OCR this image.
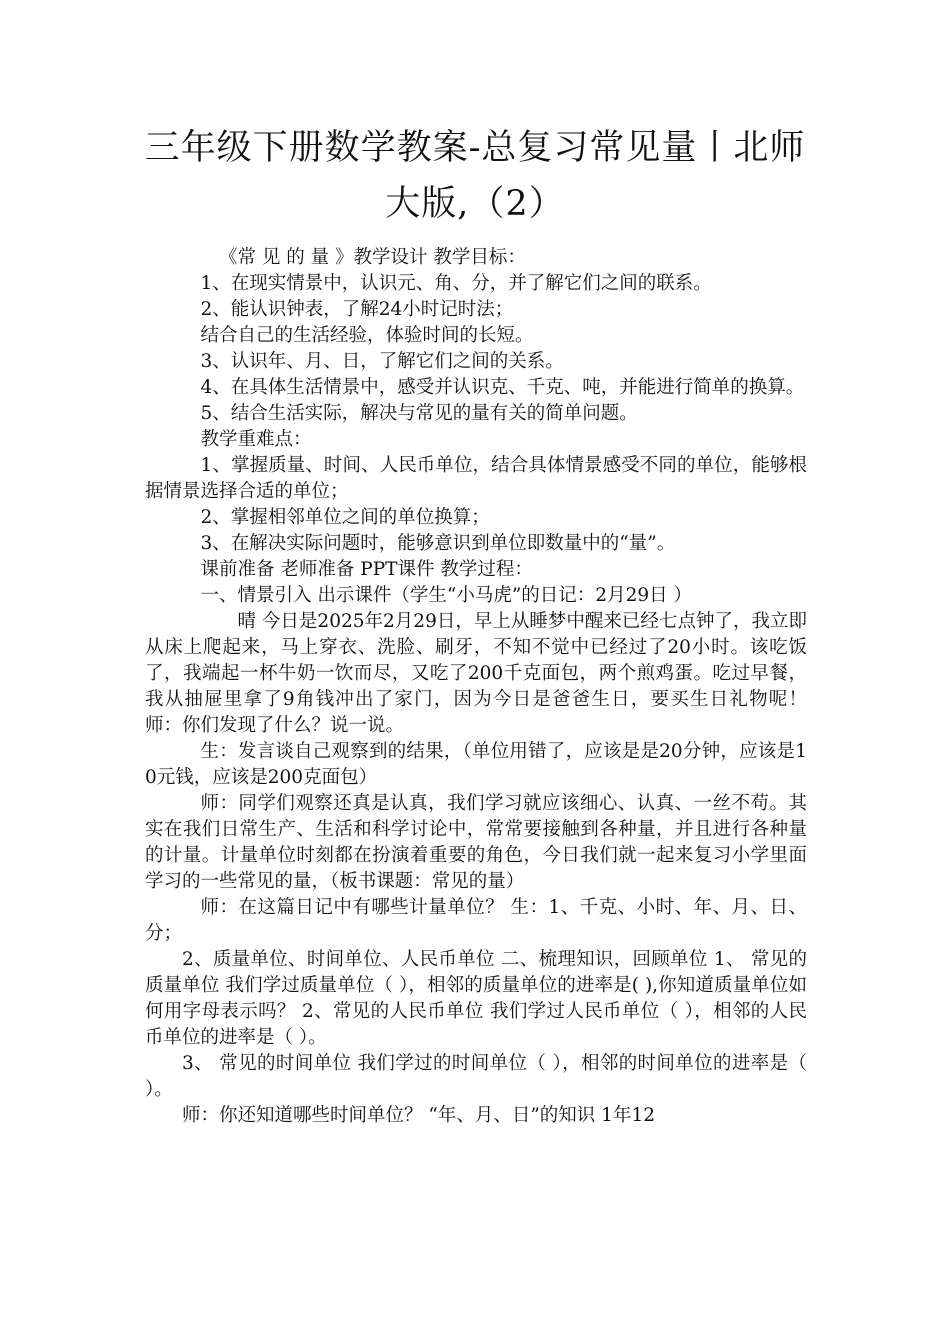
三年级下册数学教案-总复习常见量丨北师大版,（2）

《常 见 的 量 》教学设计 教学目标：

1、在现实情景中，认识元、角、分，并了解它们之间的联系。

2、能认识钟表，了解24小时记时法；

结合自己的生活经验，体验时间的长短。

3、认识年、月、日，了解它们之间的关系。

4、在具体生活情景中，感受并认识克、千克、吨，并能进行简单的换算。

5、结合生活实际，解决与常见的量有关的简单问题。

教学重难点：

1、掌握质量、时间、人民币单位，结合具体情景感受不同的单位，能够根据情景选择合适的单位；

2、掌握相邻单位之间的单位换算；

3、在解决实际问题时，能够意识到单位即数量中的“量”。

课前准备 老师准备 PPT课件 教学过程：

一、情景引入 出示课件（学生“小马虎”的日记：2月29日 ）

晴 今日是2025年2月29日，早上从睡梦中醒来已经七点钟了，我立即从床上爬起来，马上穿衣、洗脸、刷牙，不知不觉中已经过了20小时。该吃饭了，我端起一杯牛奶一饮而尽，又吃了200千克面包，两个煎鸡蛋。吃过早餐，我从抽屉里拿了9角钱冲出了家门，因为今日是爸爸生日，要买生日礼物呢！ 师：你们发现了什么？说一说。

生：发言谈自己观察到的结果，（单位用错了，应该是是20分钟，应该是10元钱，应该是200克面包）

师：同学们观察还真是认真，我们学习就应该细心、认真、一丝不苟。其实在我们日常生产、生活和科学讨论中，常常要接触到各种量，并且进行各种量的计量。计量单位时刻都在扮演着重要的角色，今日我们就一起来复习小学里面学习的一些常见的量，（板书课题：常见的量）

师：在这篇日记中有哪些计量单位？ 生：1、千克、小时、年、月、日、分；

2、质量单位、时间单位、人民币单位 二、梳理知识，回顾单位 1、 常见的质量单位 我们学过质量单位（ ），相邻的质量单位的进率是( ),你知道质量单位如何用字母表示吗？ 2、常见的人民币单位 我们学过人民币单位（ ），相邻的人民币单位的进率是（ ）。

3、 常见的时间单位 我们学过的时间单位（ ），相邻的时间单位的进率是（ ）。

师：你还知道哪些时间单位？ “年、月、日”的知识 1年12
